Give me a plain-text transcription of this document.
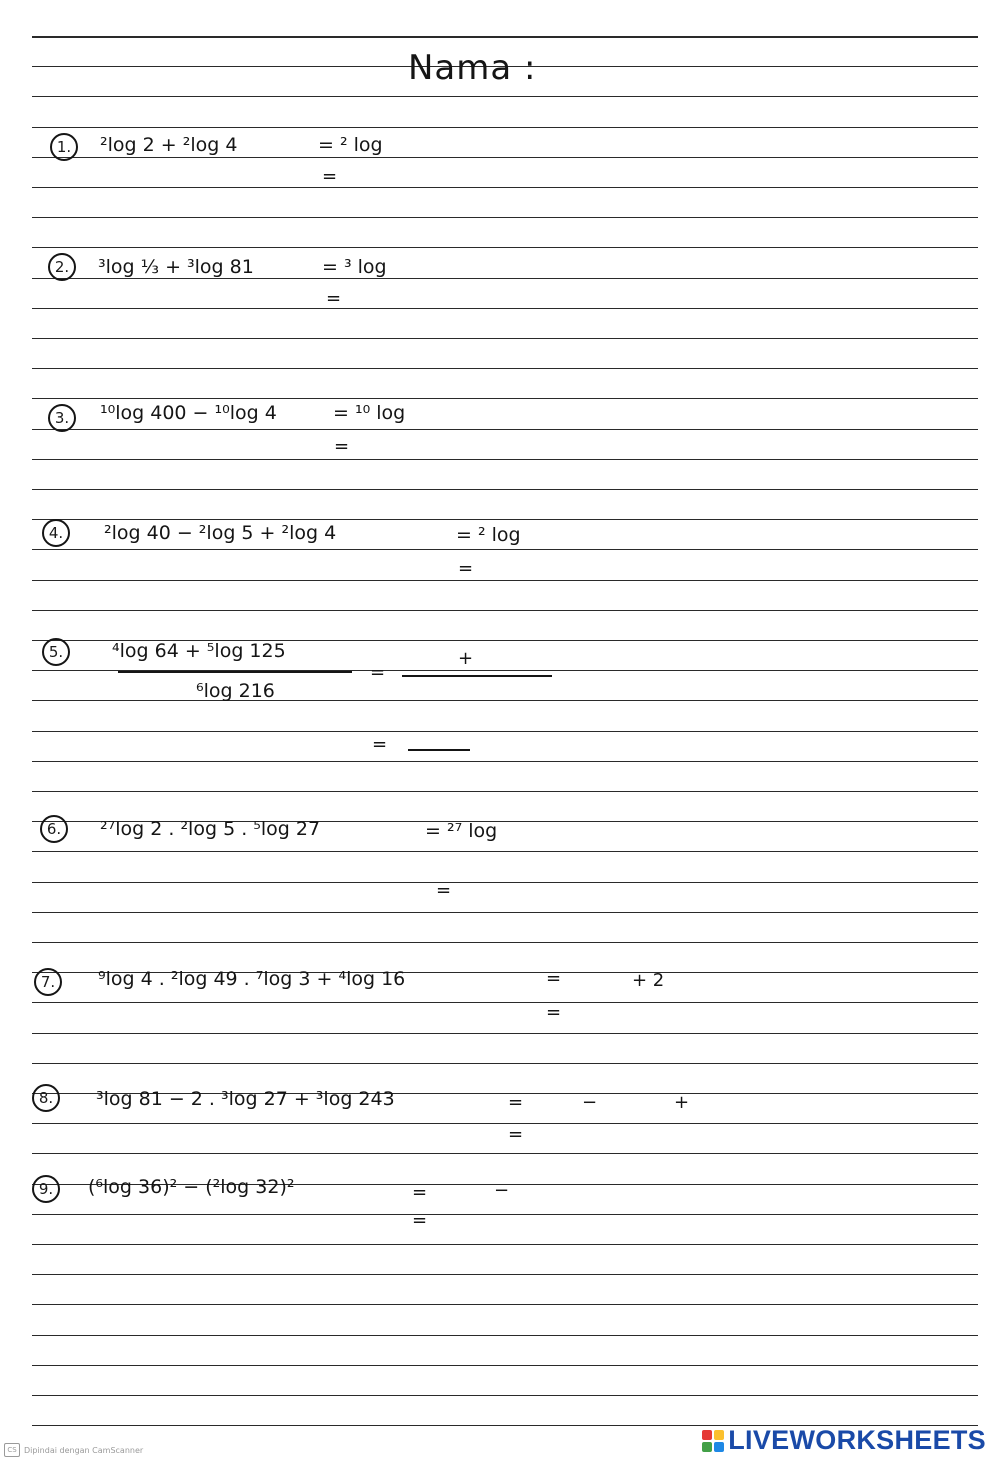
Nama :
1.	²log 2 + ²log 4	= ² log
=
2.	³log ⅓ + ³log 81	= ³ log
=
3.	¹⁰log 400 − ¹⁰log 4	= ¹⁰ log
=
4.	²log 40 − ²log 5 + ²log 4	= ² log
=
5.	⁴log 64 + ⁵log 125
⁶log 216
=
+
=
6.	²⁷log 2 . ²log 5 . ⁵log 27	= ²⁷ log
=
7.	⁹log 4 . ²log 49 . ⁷log 3 + ⁴log 16	=	+ 2
=
8.	³log 81 − 2 . ³log 27 + ³log 243	=	−	+
=
9.	(⁶log 36)² − (²log 32)²	=	−
=
CS Dipindai dengan CamScanner	LIVEWORKSHEETS
